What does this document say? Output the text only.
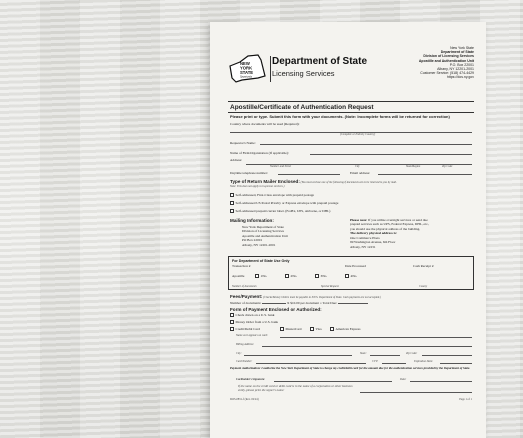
NEW
YORK
STATE
Opportunity
Department of State
Licensing Services
New York State
Department of State
Division of Licensing Services
Apostille and Authentication Unit
P.O. Box 22001
Albany, NY 12201-2001
Customer Service: (518) 474-4429
https://dos.ny.gov
Apostille/Certificate of Authentication Request
Please print or type. Submit this form with your documents. (Note: Incomplete forms will be returned for correction)
Country where documents will be used (Required):
(Complete or Entirety Country)
Requestor's Name:
Name of Firm/Organization (If applicable):
Address:
Number and Street	City	State/Region	Zip Code
Daytime telephone number:	Email address:
Type of Return Mailer Enclosed: (You must enclose one of the following if documents are to be returned to you by mail.
Note: This does not apply to in-person services.)
Self-addressed, First-Class envelope with prepaid postage
Self-addressed US Postal Priority or Express envelope with prepaid postage
Self-addressed prepaid carrier label. (FedEx, UPS, Airborne, or DHL)
Mailing Information:
New York Department of State
Division of Licensing Services
Apostille and Authentication Unit
PO Box 22001
Albany, NY 12201-2001
Please note: If you utilize overnight services or send due
prepaid services such as UPS, Federal Express, DHL, etc.,
you should use the physical address of the building.
The delivery physical address is:
One Commerce Plaza
99 Washington Avenue, 6th Floor
Albany, NY 12231
For Department of State Use Only
Transaction #	Date Processed	Cash Receipt #
Apostille	1No.	2No.	3No.	4No.
Number of documents	Special Request	County
Fees/Payment: (Checks/Money Orders must be payable to N.Y.S. Department of State. Cash payments are not accepted.)
Number of documents:	X $10.00 per document = Total Due:
Form of Payment Enclosed or Authorized:
Check drawn on a U.S. bank
Money Order from a U.S. bank
Credit/Debit Card	MasterCard	Visa	American Express
Name as it appears on card:
Billing Address:
City:	State:	Zip Code:
Card Number:	CVV:	Expiration Date:
Payment Authorization: I authorize the New York Department of State to charge my credit/debit card for the amount due for the authentication services provided by the Department of State.
Cardholder's Signature:	Date:
If the name on the credit card or debit card is in the name of a corporation or other business entity, please print the signer's name:
DOS-0851-f (Rev. 02/24)	Page 1 of 1
